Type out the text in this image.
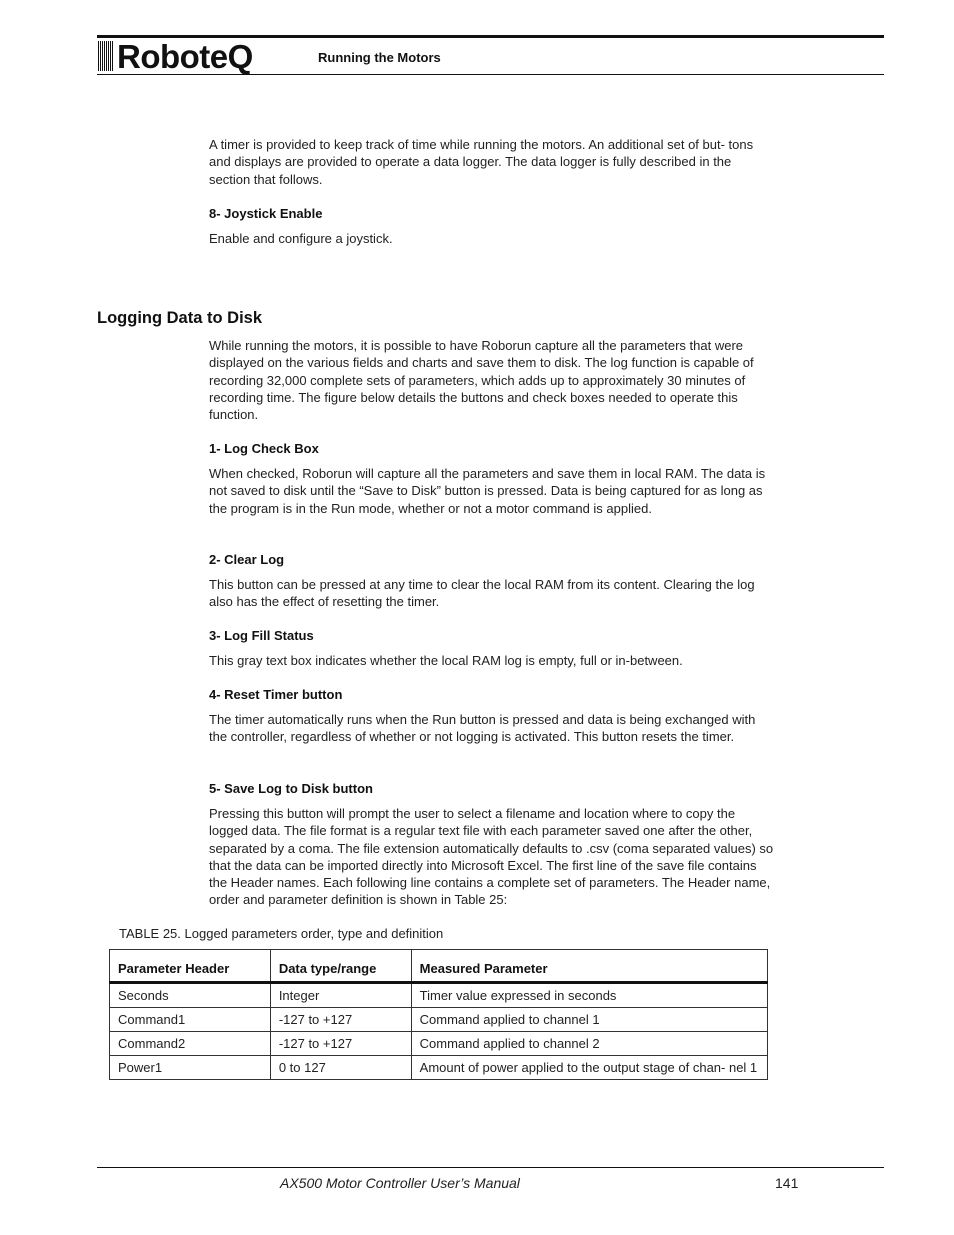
RoboteQ	Running the Motors
A timer is provided to keep track of time while running the motors. An additional set of but- tons and displays are provided to operate a data logger. The data logger is fully described in the section that follows.
8- Joystick Enable
Enable and configure a joystick.
Logging Data to Disk
While running the motors, it is possible to have Roborun capture all the parameters that were displayed on the various fields and charts and save them to disk. The log function is capable of recording 32,000 complete sets of parameters, which adds up to approximately 30 minutes of recording time. The figure below details the buttons and check boxes needed to operate this function.
1- Log Check Box
When checked, Roborun will capture all the parameters and save them in local RAM. The data is not saved to disk until the “Save to Disk” button is pressed. Data is being captured for as long as the program is in the Run mode, whether or not a motor command is applied.
2- Clear Log
This button can be pressed at any time to clear the local RAM from its content. Clearing the log also has the effect of resetting the timer.
3- Log Fill Status
This gray text box indicates whether the local RAM log is empty, full or in-between.
4- Reset Timer button
The timer automatically runs when the Run button is pressed and data is being exchanged with the controller, regardless of whether or not logging is activated. This button resets the timer.
5- Save Log to Disk button
Pressing this button will prompt the user to select a filename and location where to copy the logged data. The file format is a regular text file with each parameter saved one after the other, separated by a coma. The file extension automatically defaults to .csv (coma separated values) so that the data can be imported directly into Microsoft Excel. The first line of the save file contains the Header names. Each following line contains a complete set of parameters. The Header name, order and parameter definition is shown in Table 25:
TABLE 25. Logged parameters order, type and definition
Parameter Header	Data type/range	Measured Parameter
Seconds	Integer	Timer value expressed in seconds
Command1	-127 to +127	Command applied to channel 1
Command2	-127 to +127	Command applied to channel 2
Power1	0 to 127	Amount of power applied to the output stage of chan- nel 1
AX500 Motor Controller User’s Manual	141
